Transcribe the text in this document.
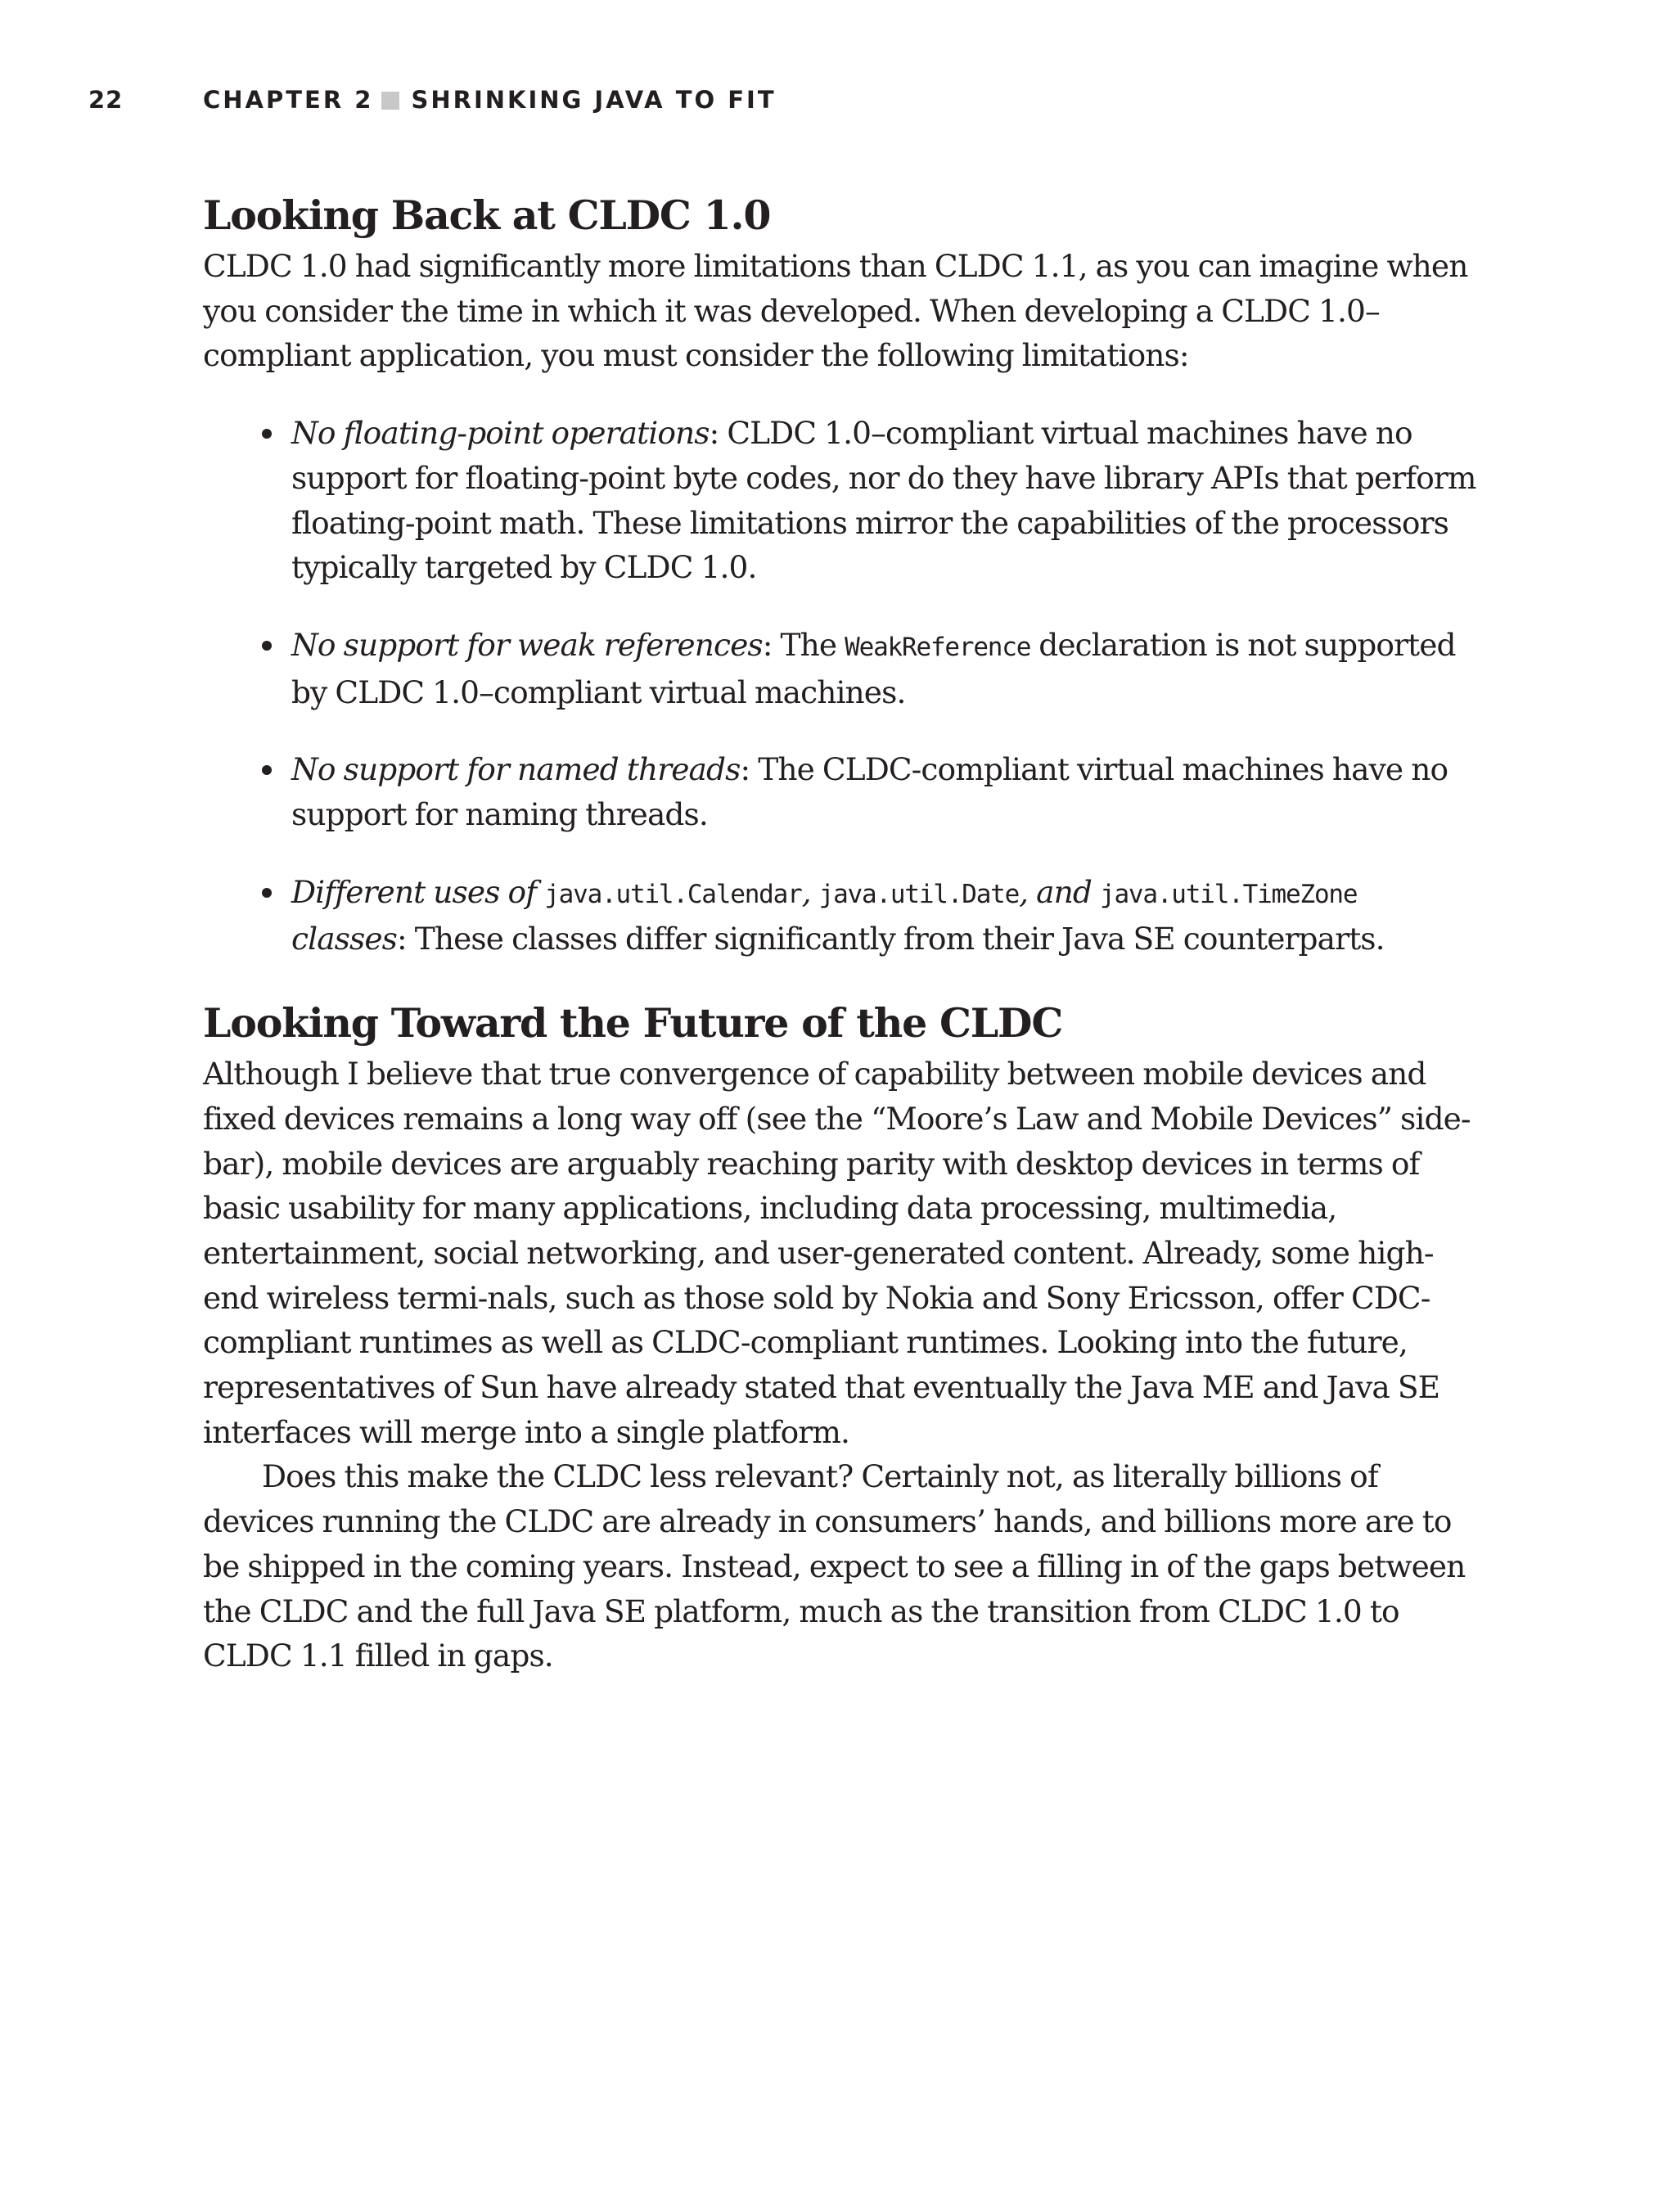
22	CHAPTER 2 SHRINKING JAVA TO FIT
Looking Back at CLDC 1.0

CLDC 1.0 had significantly more limitations than CLDC 1.1, as you can imagine when you consider the time in which it was developed. When developing a CLDC 1.0–compliant application, you must consider the following limitations:

No floating-point operations: CLDC 1.0–compliant virtual machines have no support for floating-point byte codes, nor do they have library APIs that perform floating-point math. These limitations mirror the capabilities of the processors typically targeted by CLDC 1.0.
No support for weak references: The WeakReference declaration is not supported by CLDC 1.0–compliant virtual machines.
No support for named threads: The CLDC-compliant virtual machines have no support for naming threads.
Different uses of java.util.Calendar, java.util.Date, and java.util.TimeZone classes: These classes differ significantly from their Java SE counterparts.
Looking Toward the Future of the CLDC

Although I believe that true convergence of capability between mobile devices and fixed devices remains a long way off (see the “Moore’s Law and Mobile Devices” side-bar), mobile devices are arguably reaching parity with desktop devices in terms of basic usability for many applications, including data processing, multimedia, entertainment, social networking, and user-generated content. Already, some high-end wireless termi-nals, such as those sold by Nokia and Sony Ericsson, offer CDC-compliant runtimes as well as CLDC-compliant runtimes. Looking into the future, representatives of Sun have already stated that eventually the Java ME and Java SE interfaces will merge into a single platform.

Does this make the CLDC less relevant? Certainly not, as literally billions of devices running the CLDC are already in consumers’ hands, and billions more are to be shipped in the coming years. Instead, expect to see a filling in of the gaps between the CLDC and the full Java SE platform, much as the transition from CLDC 1.0 to CLDC 1.1 filled in gaps.
